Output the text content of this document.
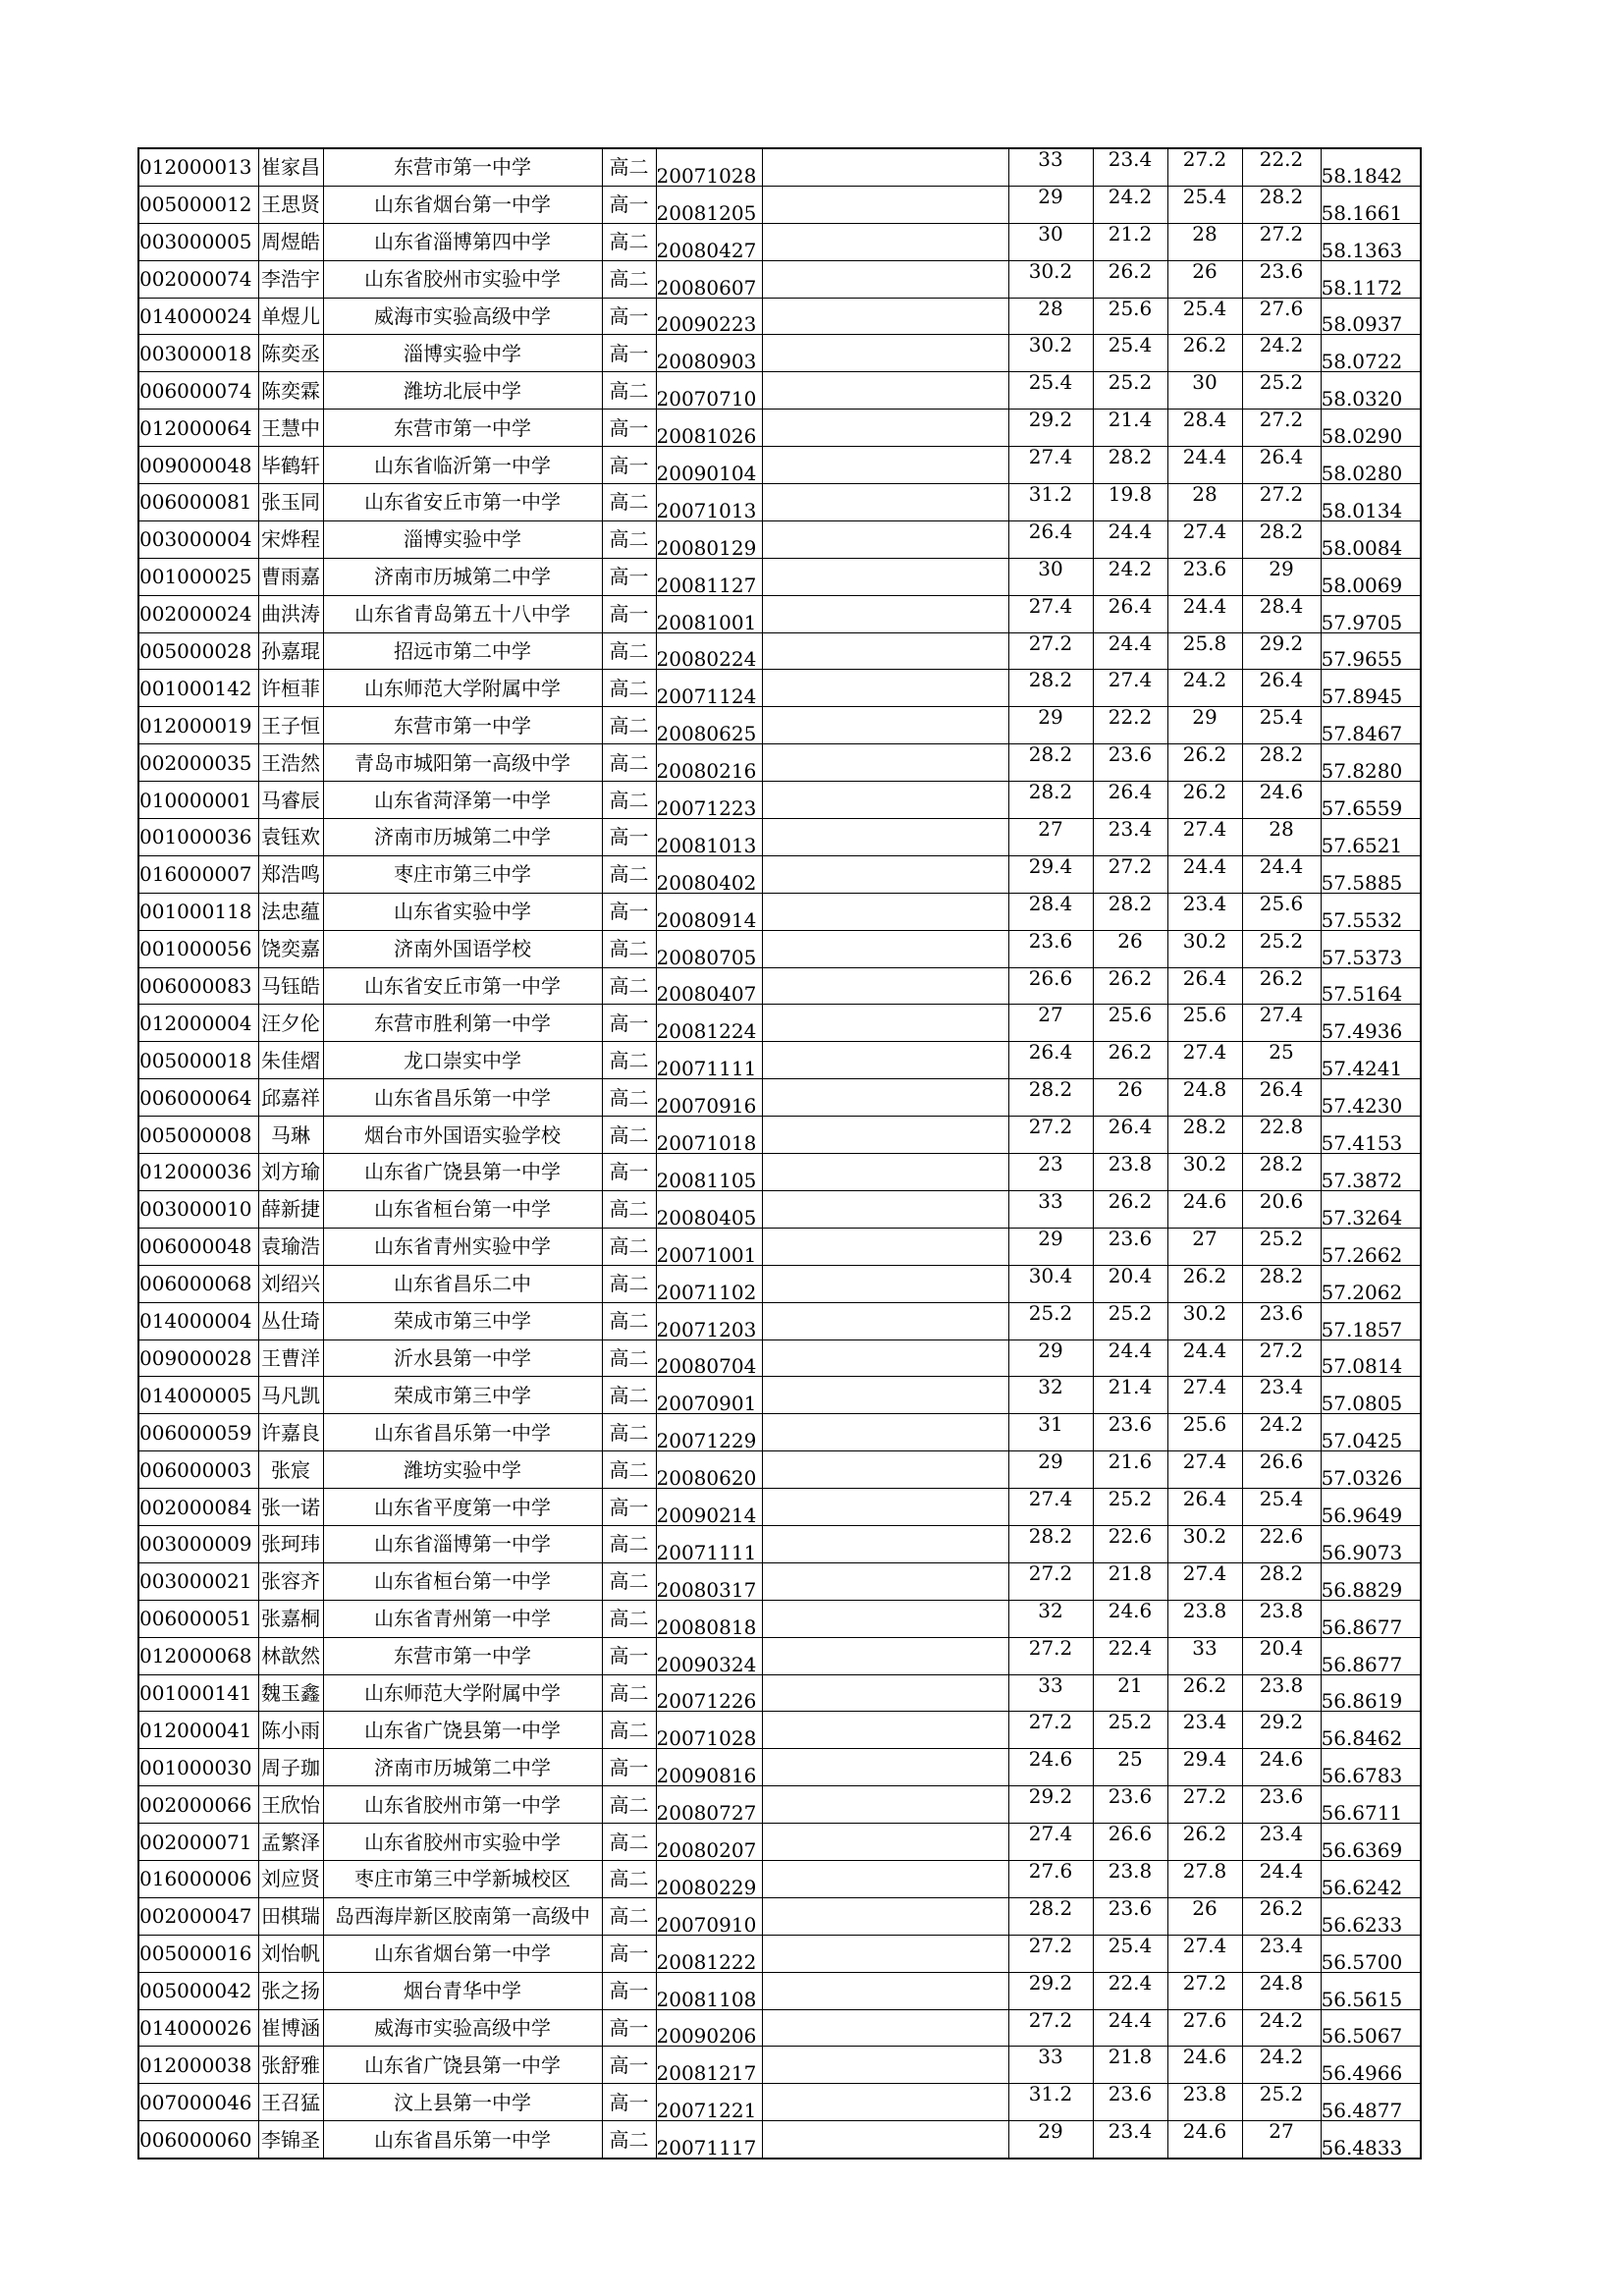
012000013	崔家昌	东营市第一中学	高二	20071028		33	23.4	27.2	22.2	58.1842
005000012	王思贤	山东省烟台第一中学	高一	20081205		29	24.2	25.4	28.2	58.1661
003000005	周煜皓	山东省淄博第四中学	高二	20080427		30	21.2	28	27.2	58.1363
002000074	李浩宇	山东省胶州市实验中学	高二	20080607		30.2	26.2	26	23.6	58.1172
014000024	单煜儿	威海市实验高级中学	高一	20090223		28	25.6	25.4	27.6	58.0937
003000018	陈奕丞	淄博实验中学	高一	20080903		30.2	25.4	26.2	24.2	58.0722
006000074	陈奕霖	潍坊北辰中学	高二	20070710		25.4	25.2	30	25.2	58.0320
012000064	王慧中	东营市第一中学	高一	20081026		29.2	21.4	28.4	27.2	58.0290
009000048	毕鹤轩	山东省临沂第一中学	高一	20090104		27.4	28.2	24.4	26.4	58.0280
006000081	张玉同	山东省安丘市第一中学	高二	20071013		31.2	19.8	28	27.2	58.0134
003000004	宋烨程	淄博实验中学	高二	20080129		26.4	24.4	27.4	28.2	58.0084
001000025	曹雨嘉	济南市历城第二中学	高一	20081127		30	24.2	23.6	29	58.0069
002000024	曲洪涛	山东省青岛第五十八中学	高一	20081001		27.4	26.4	24.4	28.4	57.9705
005000028	孙嘉琨	招远市第二中学	高二	20080224		27.2	24.4	25.8	29.2	57.9655
001000142	许桓菲	山东师范大学附属中学	高二	20071124		28.2	27.4	24.2	26.4	57.8945
012000019	王子恒	东营市第一中学	高二	20080625		29	22.2	29	25.4	57.8467
002000035	王浩然	青岛市城阳第一高级中学	高二	20080216		28.2	23.6	26.2	28.2	57.8280
010000001	马睿辰	山东省菏泽第一中学	高二	20071223		28.2	26.4	26.2	24.6	57.6559
001000036	袁钰欢	济南市历城第二中学	高一	20081013		27	23.4	27.4	28	57.6521
016000007	郑浩鸣	枣庄市第三中学	高二	20080402		29.4	27.2	24.4	24.4	57.5885
001000118	法忠蕴	山东省实验中学	高一	20080914		28.4	28.2	23.4	25.6	57.5532
001000056	饶奕嘉	济南外国语学校	高二	20080705		23.6	26	30.2	25.2	57.5373
006000083	马钰皓	山东省安丘市第一中学	高二	20080407		26.6	26.2	26.4	26.2	57.5164
012000004	汪夕伦	东营市胜利第一中学	高一	20081224		27	25.6	25.6	27.4	57.4936
005000018	朱佳熠	龙口崇实中学	高二	20071111		26.4	26.2	27.4	25	57.4241
006000064	邱嘉祥	山东省昌乐第一中学	高二	20070916		28.2	26	24.8	26.4	57.4230
005000008	马琳	烟台市外国语实验学校	高二	20071018		27.2	26.4	28.2	22.8	57.4153
012000036	刘方瑜	山东省广饶县第一中学	高一	20081105		23	23.8	30.2	28.2	57.3872
003000010	薛新捷	山东省桓台第一中学	高二	20080405		33	26.2	24.6	20.6	57.3264
006000048	袁瑜浩	山东省青州实验中学	高二	20071001		29	23.6	27	25.2	57.2662
006000068	刘绍兴	山东省昌乐二中	高二	20071102		30.4	20.4	26.2	28.2	57.2062
014000004	丛仕琦	荣成市第三中学	高二	20071203		25.2	25.2	30.2	23.6	57.1857
009000028	王曹洋	沂水县第一中学	高二	20080704		29	24.4	24.4	27.2	57.0814
014000005	马凡凯	荣成市第三中学	高二	20070901		32	21.4	27.4	23.4	57.0805
006000059	许嘉良	山东省昌乐第一中学	高二	20071229		31	23.6	25.6	24.2	57.0425
006000003	张宸	潍坊实验中学	高二	20080620		29	21.6	27.4	26.6	57.0326
002000084	张一诺	山东省平度第一中学	高一	20090214		27.4	25.2	26.4	25.4	56.9649
003000009	张珂玮	山东省淄博第一中学	高二	20071111		28.2	22.6	30.2	22.6	56.9073
003000021	张容齐	山东省桓台第一中学	高二	20080317		27.2	21.8	27.4	28.2	56.8829
006000051	张嘉桐	山东省青州第一中学	高二	20080818		32	24.6	23.8	23.8	56.8677
012000068	林歆然	东营市第一中学	高一	20090324		27.2	22.4	33	20.4	56.8677
001000141	魏玉鑫	山东师范大学附属中学	高二	20071226		33	21	26.2	23.8	56.8619
012000041	陈小雨	山东省广饶县第一中学	高二	20071028		27.2	25.2	23.4	29.2	56.8462
001000030	周子珈	济南市历城第二中学	高一	20090816		24.6	25	29.4	24.6	56.6783
002000066	王欣怡	山东省胶州市第一中学	高二	20080727		29.2	23.6	27.2	23.6	56.6711
002000071	孟繁泽	山东省胶州市实验中学	高二	20080207		27.4	26.6	26.2	23.4	56.6369
016000006	刘应贤	枣庄市第三中学新城校区	高二	20080229		27.6	23.8	27.8	24.4	56.6242
002000047	田棋瑞	岛西海岸新区胶南第一高级中	高二	20070910		28.2	23.6	26	26.2	56.6233
005000016	刘怡帆	山东省烟台第一中学	高一	20081222		27.2	25.4	27.4	23.4	56.5700
005000042	张之扬	烟台青华中学	高一	20081108		29.2	22.4	27.2	24.8	56.5615
014000026	崔博涵	威海市实验高级中学	高一	20090206		27.2	24.4	27.6	24.2	56.5067
012000038	张舒雅	山东省广饶县第一中学	高一	20081217		33	21.8	24.6	24.2	56.4966
007000046	王召猛	汶上县第一中学	高一	20071221		31.2	23.6	23.8	25.2	56.4877
006000060	李锦圣	山东省昌乐第一中学	高二	20071117		29	23.4	24.6	27	56.4833
